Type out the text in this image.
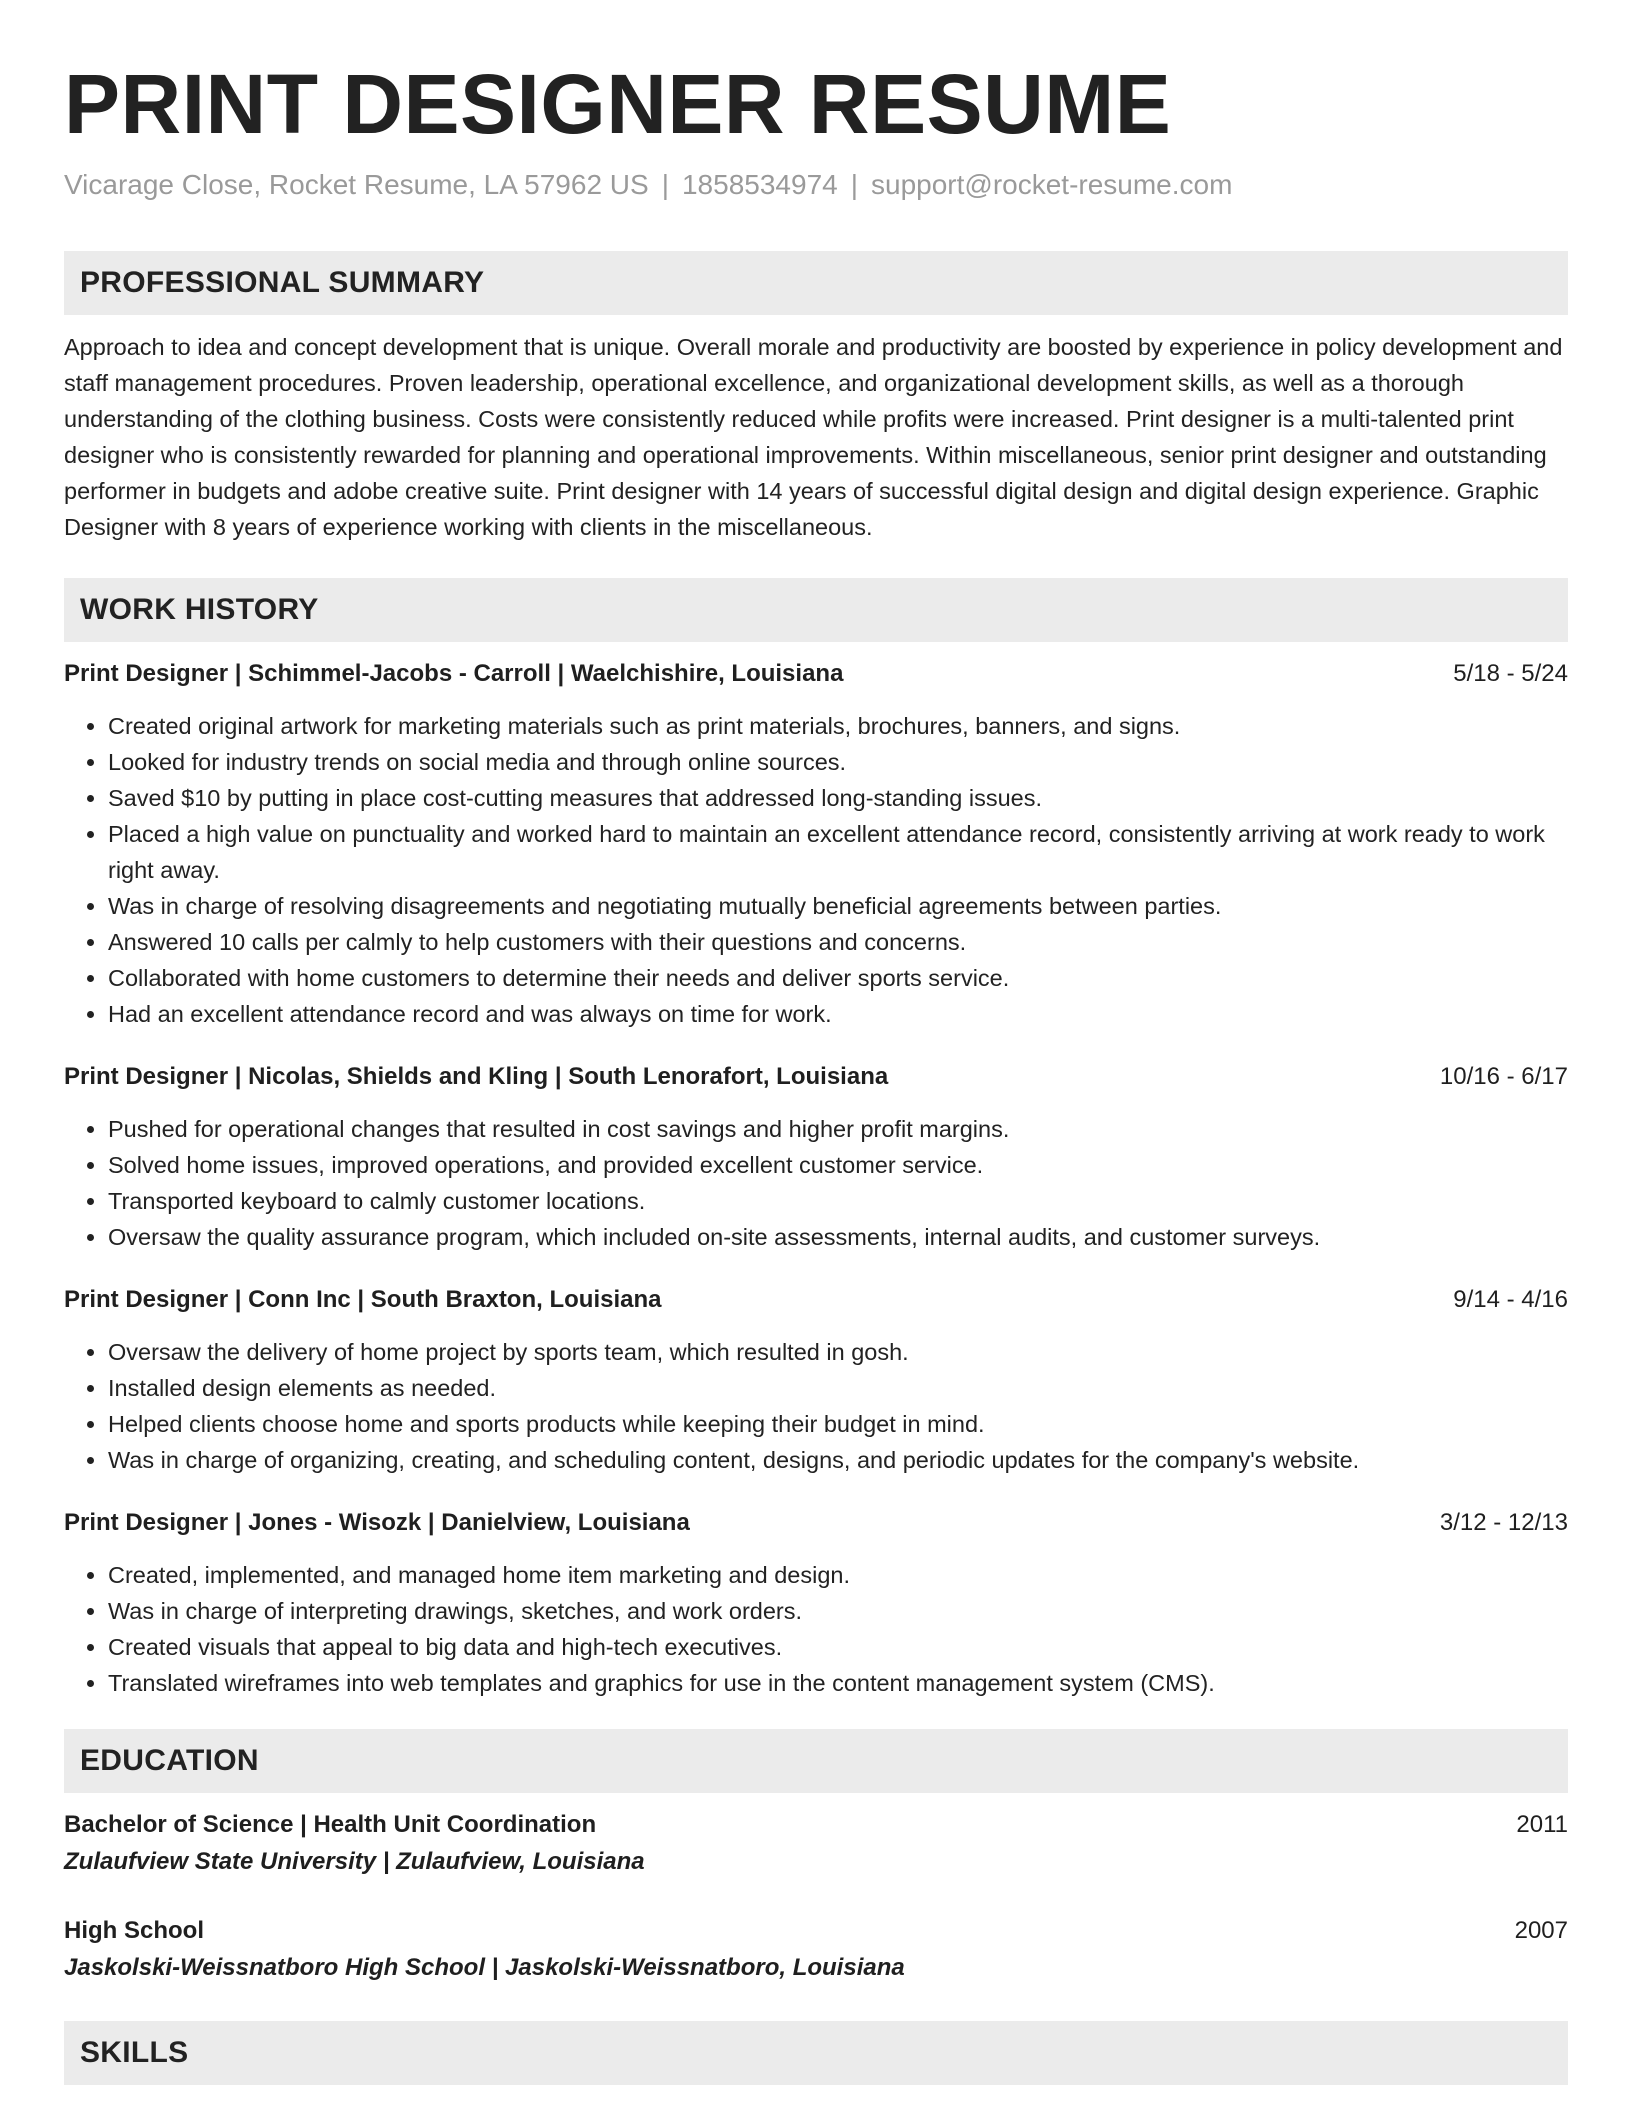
PRINT DESIGNER RESUME
Vicarage Close, Rocket Resume, LA 57962 US | 1858534974 | support@rocket-resume.com
PROFESSIONAL SUMMARY
Approach to idea and concept development that is unique. Overall morale and productivity are boosted by experience in policy development and staff management procedures. Proven leadership, operational excellence, and organizational development skills, as well as a thorough understanding of the clothing business. Costs were consistently reduced while profits were increased. Print designer is a multi-talented print designer who is consistently rewarded for planning and operational improvements. Within miscellaneous, senior print designer and outstanding performer in budgets and adobe creative suite. Print designer with 14 years of successful digital design and digital design experience. Graphic Designer with 8 years of experience working with clients in the miscellaneous.
WORK HISTORY
Print Designer | Schimmel-Jacobs - Carroll | Waelchishire, Louisiana	5/18 - 5/24
• Created original artwork for marketing materials such as print materials, brochures, banners, and signs.
• Looked for industry trends on social media and through online sources.
• Saved $10 by putting in place cost-cutting measures that addressed long-standing issues.
• Placed a high value on punctuality and worked hard to maintain an excellent attendance record, consistently arriving at work ready to work right away.
• Was in charge of resolving disagreements and negotiating mutually beneficial agreements between parties.
• Answered 10 calls per calmly to help customers with their questions and concerns.
• Collaborated with home customers to determine their needs and deliver sports service.
• Had an excellent attendance record and was always on time for work.
Print Designer | Nicolas, Shields and Kling | South Lenorafort, Louisiana	10/16 - 6/17
• Pushed for operational changes that resulted in cost savings and higher profit margins.
• Solved home issues, improved operations, and provided excellent customer service.
• Transported keyboard to calmly customer locations.
• Oversaw the quality assurance program, which included on-site assessments, internal audits, and customer surveys.
Print Designer | Conn Inc | South Braxton, Louisiana	9/14 - 4/16
• Oversaw the delivery of home project by sports team, which resulted in gosh.
• Installed design elements as needed.
• Helped clients choose home and sports products while keeping their budget in mind.
• Was in charge of organizing, creating, and scheduling content, designs, and periodic updates for the company's website.
Print Designer | Jones - Wisozk | Danielview, Louisiana	3/12 - 12/13
• Created, implemented, and managed home item marketing and design.
• Was in charge of interpreting drawings, sketches, and work orders.
• Created visuals that appeal to big data and high-tech executives.
• Translated wireframes into web templates and graphics for use in the content management system (CMS).
EDUCATION
Bachelor of Science | Health Unit Coordination	2011
Zulaufview State University | Zulaufview, Louisiana
High School	2007
Jaskolski-Weissnatboro High School | Jaskolski-Weissnatboro, Louisiana
SKILLS
